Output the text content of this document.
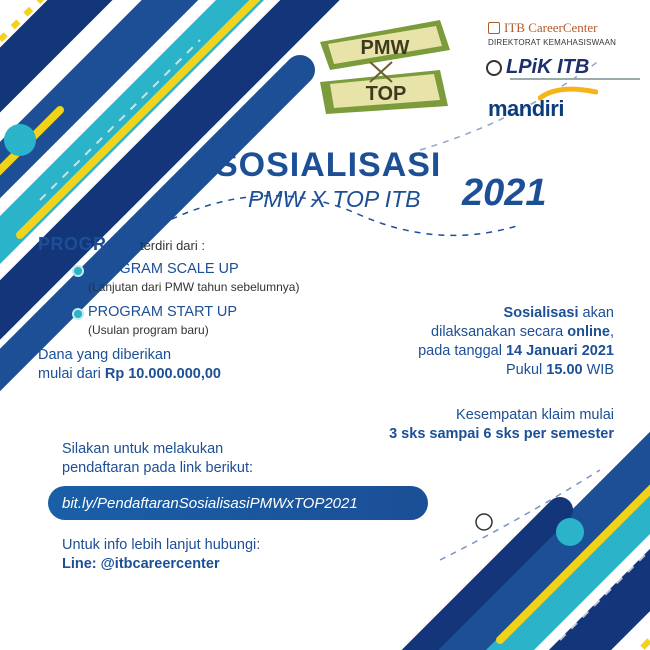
PMW
TOP
ITB CareerCenter
DIREKTORAT KEMAHASISWAAN
LPiK ITB
mandiri
SOSIALISASI
PMW X TOP ITB 2021
PROGRAM terdiri dari :
PROGRAM SCALE UP
(Lanjutan dari PMW tahun sebelumnya)
PROGRAM START UP
(Usulan program baru)
Dana yang diberikan
mulai dari Rp 10.000.000,00
Sosialisasi akan
dilaksanakan secara online,
pada tanggal 14 Januari 2021
Pukul 15.00 WIB
Kesempatan klaim mulai
3 sks sampai 6 sks per semester
Silakan untuk melakukan
pendaftaran pada link berikut:
bit.ly/PendaftaranSosialisasiPMWxTOP2021
Untuk info lebih lanjut hubungi:
Line: @itbcareercenter
